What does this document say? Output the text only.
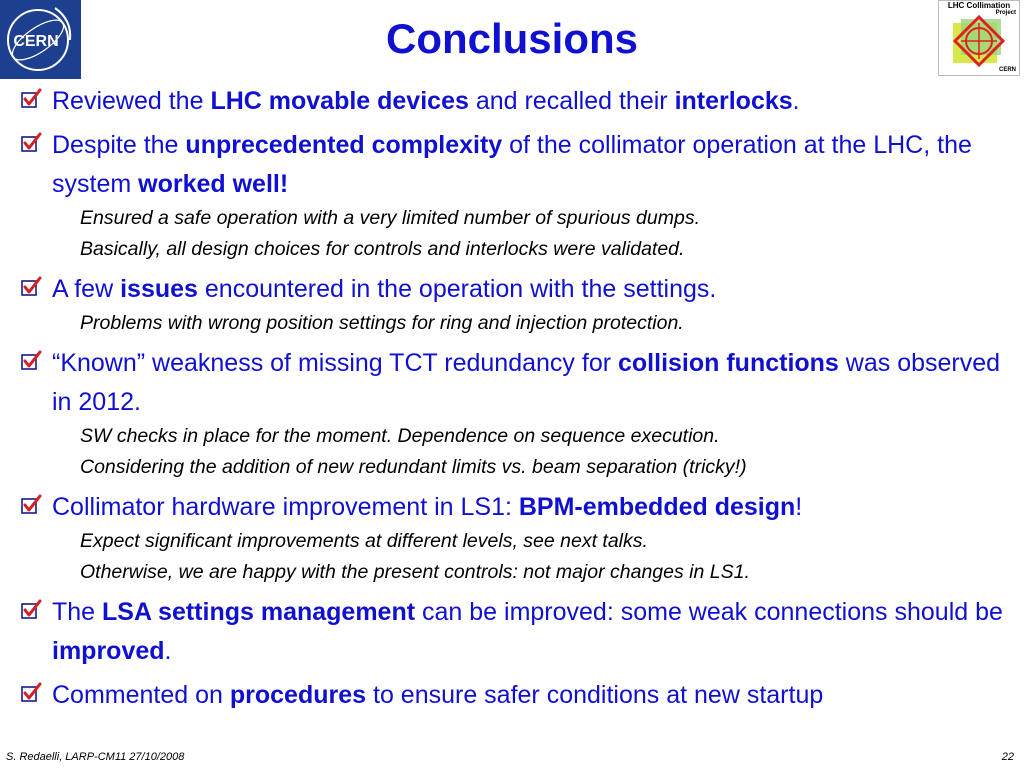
CERN
LHC Collimation
Project
CERN
Conclusions

Reviewed the LHC movable devices and recalled their interlocks.

Despite the unprecedented complexity of the collimator operation at the LHC, the system worked well!

Ensured a safe operation with a very limited number of spurious dumps.
Basically, all design choices for controls and interlocks were validated.

A few issues encountered in the operation with the settings.

Problems with wrong position settings for ring and injection protection.

“Known” weakness of missing TCT redundancy for collision functions was observed in 2012.

SW checks in place for the moment. Dependence on sequence execution.
Considering the addition of new redundant limits vs. beam separation (tricky!)

Collimator hardware improvement in LS1: BPM-embedded design!

Expect significant improvements at different levels, see next talks.
Otherwise, we are happy with the present controls: not major changes in LS1.

The LSA settings management can be improved: some weak connections should be improved.

Commented on procedures to ensure safer conditions at new startup

S. Redaelli, LARP-CM11 27/10/2008	22
